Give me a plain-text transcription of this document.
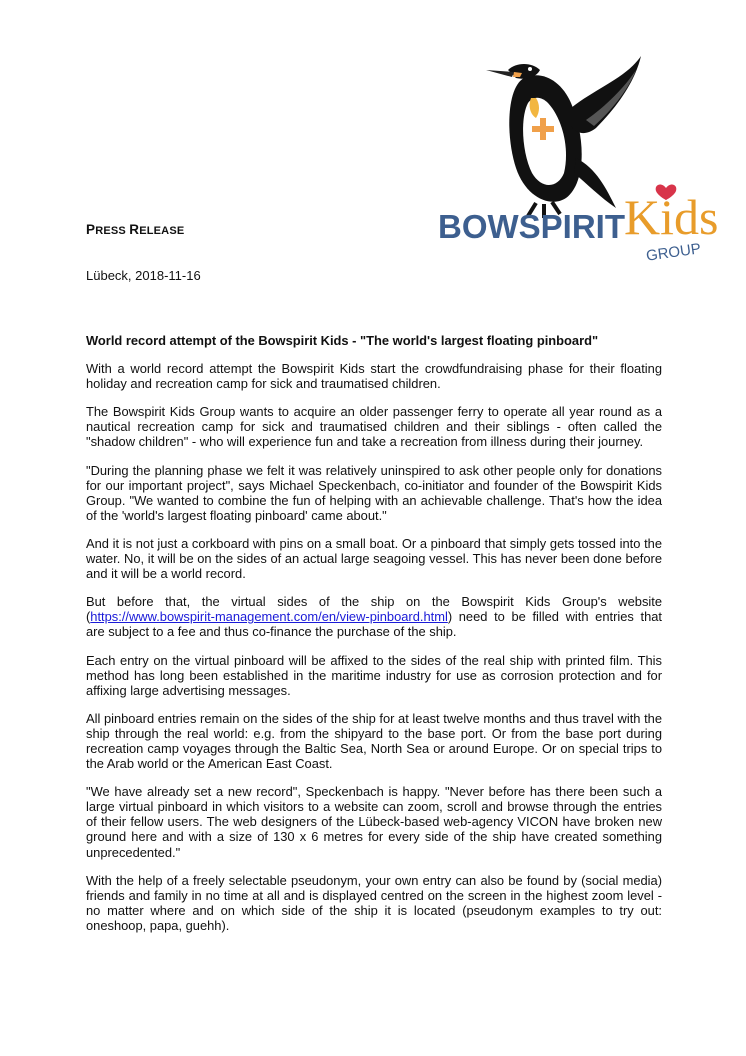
BOWSPIRIT Kids
GROUP
PRESS RELEASE
Lübeck, 2018-11-16

World record attempt of the Bowspirit Kids - "The world's largest floating pinboard"

With a world record attempt the Bowspirit Kids start the crowdfundraising phase for their floating holiday and recreation camp for sick and traumatised children.

The Bowspirit Kids Group wants to acquire an older passenger ferry to operate all year round as a nautical recreation camp for sick and traumatised children and their siblings - often called the "shadow children" - who will experience fun and take a recreation from illness during their journey.

"During the planning phase we felt it was relatively uninspired to ask other people only for donations for our important project", says Michael Speckenbach, co-initiator and founder of the Bowspirit Kids Group. "We wanted to combine the fun of helping with an achievable challenge. That's how the idea of the 'world's largest floating pinboard' came about."

And it is not just a corkboard with pins on a small boat. Or a pinboard that simply gets tossed into the water. No, it will be on the sides of an actual large seagoing vessel. This has never been done before and it will be a world record.

But before that, the virtual sides of the ship on the Bowspirit Kids Group's website (https://www.bowspirit-management.com/en/view-pinboard.html) need to be filled with entries that are subject to a fee and thus co-finance the purchase of the ship.

Each entry on the virtual pinboard will be affixed to the sides of the real ship with printed film. This method has long been established in the maritime industry for use as corrosion protection and for affixing large advertising messages.

All pinboard entries remain on the sides of the ship for at least twelve months and thus travel with the ship through the real world: e.g. from the shipyard to the base port. Or from the base port during recreation camp voyages through the Baltic Sea, North Sea or around Europe. Or on special trips to the Arab world or the American East Coast.

"We have already set a new record", Speckenbach is happy. "Never before has there been such a large virtual pinboard in which visitors to a website can zoom, scroll and browse through the entries of their fellow users. The web designers of the Lübeck-based web-agency VICON have broken new ground here and with a size of 130 x 6 metres for every side of the ship have created something unprecedented."

With the help of a freely selectable pseudonym, your own entry can also be found by (social media) friends and family in no time at all and is displayed centred on the screen in the highest zoom level - no matter where and on which side of the ship it is located (pseudonym examples to try out: oneshoop, papa, guehh).
